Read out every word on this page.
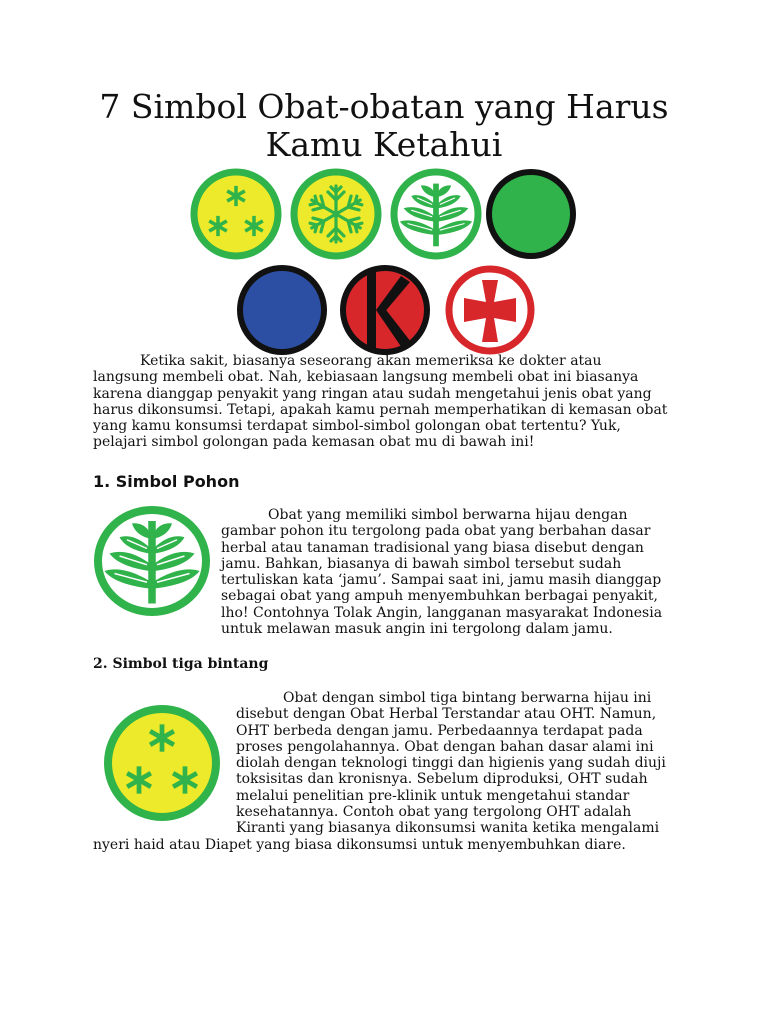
7 Simbol Obat-obatan yang Harus Kamu Ketahui

Ketika sakit, biasanya seseorang akan memeriksa ke dokter atau langsung membeli obat. Nah, kebiasaan langsung membeli obat ini biasanya karena dianggap penyakit yang ringan atau sudah mengetahui jenis obat yang harus dikonsumsi. Tetapi, apakah kamu pernah memperhatikan di kemasan obat yang kamu konsumsi terdapat simbol-simbol golongan obat tertentu? Yuk, pelajari simbol golongan pada kemasan obat mu di bawah ini!

1. Simbol Pohon

Obat yang memiliki simbol berwarna hijau dengan gambar pohon itu tergolong pada obat yang berbahan dasar herbal atau tanaman tradisional yang biasa disebut dengan jamu. Bahkan, biasanya di bawah simbol tersebut sudah tertuliskan kata ‘jamu’. Sampai saat ini, jamu masih dianggap sebagai obat yang ampuh menyembuhkan berbagai penyakit, lho! Contohnya Tolak Angin, langganan masyarakat Indonesia untuk melawan masuk angin ini tergolong dalam jamu.

2. Simbol tiga bintang

Obat dengan simbol tiga bintang berwarna hijau ini disebut dengan Obat Herbal Terstandar atau OHT. Namun, OHT berbeda dengan jamu. Perbedaannya terdapat pada proses pengolahannya. Obat dengan bahan dasar alami ini diolah dengan teknologi tinggi dan higienis yang sudah diuji toksisitas dan kronisnya. Sebelum diproduksi, OHT sudah melalui penelitian pre-klinik untuk mengetahui standar kesehatannya. Contoh obat yang tergolong OHT adalah Kiranti yang biasanya dikonsumsi wanita ketika mengalami nyeri haid atau Diapet yang biasa dikonsumsi untuk menyembuhkan diare.
